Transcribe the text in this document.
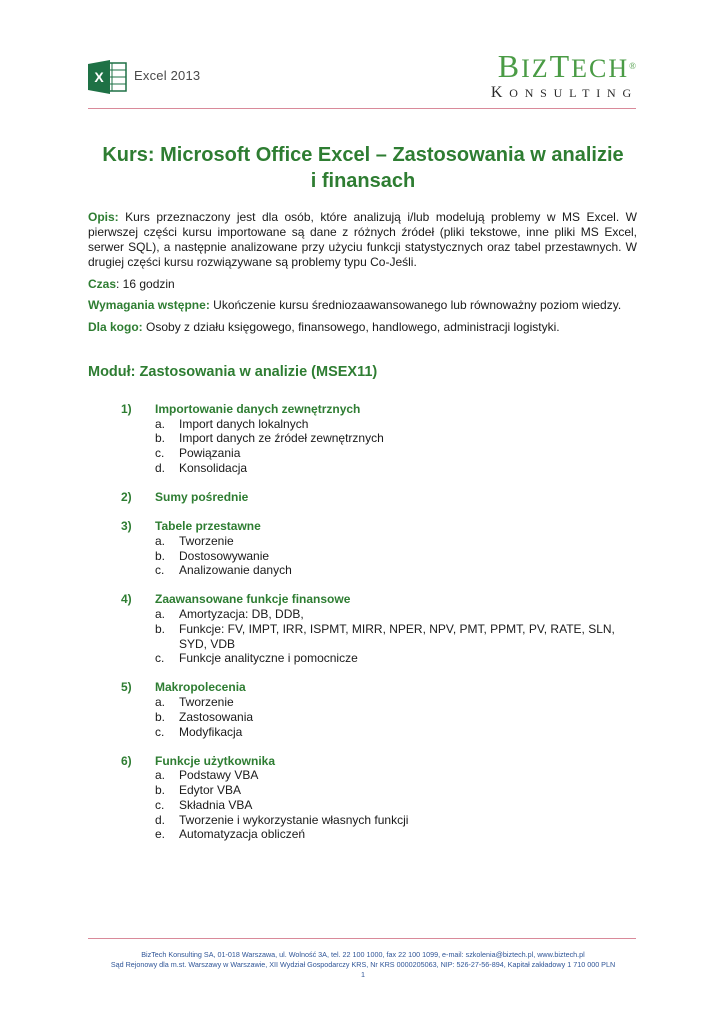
X Excel 2013	BIZTECH®
KONSULTING
Kurs: Microsoft Office Excel – Zastosowania w analizie
i finansach
Opis: Kurs przeznaczony jest dla osób, które analizują i/lub modelują problemy w MS Excel. W pierwszej części kursu importowane są dane z różnych źródeł (pliki tekstowe, inne pliki MS Excel, serwer SQL), a następnie analizowane przy użyciu funkcji statystycznych oraz tabel przestawnych. W drugiej części kursu rozwiązywane są problemy typu Co-Jeśli.
Czas: 16 godzin
Wymagania wstępne: Ukończenie kursu średniozaawansowanego lub równoważny poziom wiedzy.
Dla kogo: Osoby z działu księgowego, finansowego, handlowego, administracji logistyki.
Moduł: Zastosowania w analizie (MSEX11)
1) Importowanie danych zewnętrznych
a. Import danych lokalnych
b. Import danych ze źródeł zewnętrznych
c. Powiązania
d. Konsolidacja
2) Sumy pośrednie
3) Tabele przestawne
a. Tworzenie
b. Dostosowywanie
c. Analizowanie danych
4) Zaawansowane funkcje finansowe
a. Amortyzacja: DB, DDB,
b. Funkcje: FV, IMPT, IRR, ISPMT, MIRR, NPER, NPV, PMT, PPMT, PV, RATE, SLN, SYD, VDB
c. Funkcje analityczne i pomocnicze
5) Makropolecenia
a. Tworzenie
b. Zastosowania
c. Modyfikacja
6) Funkcje użytkownika
a. Podstawy VBA
b. Edytor VBA
c. Składnia VBA
d. Tworzenie i wykorzystanie własnych funkcji
e. Automatyzacja obliczeń
BizTech Konsulting SA, 01-018 Warszawa, ul. Wolność 3A, tel. 22 100 1000, fax 22 100 1099, e-mail: szkolenia@biztech.pl, www.biztech.pl
Sąd Rejonowy dla m.st. Warszawy w Warszawie, XII Wydział Gospodarczy KRS, Nr KRS 0000205063, NIP: 526-27-56-894, Kapitał zakładowy 1 710 000 PLN
1
